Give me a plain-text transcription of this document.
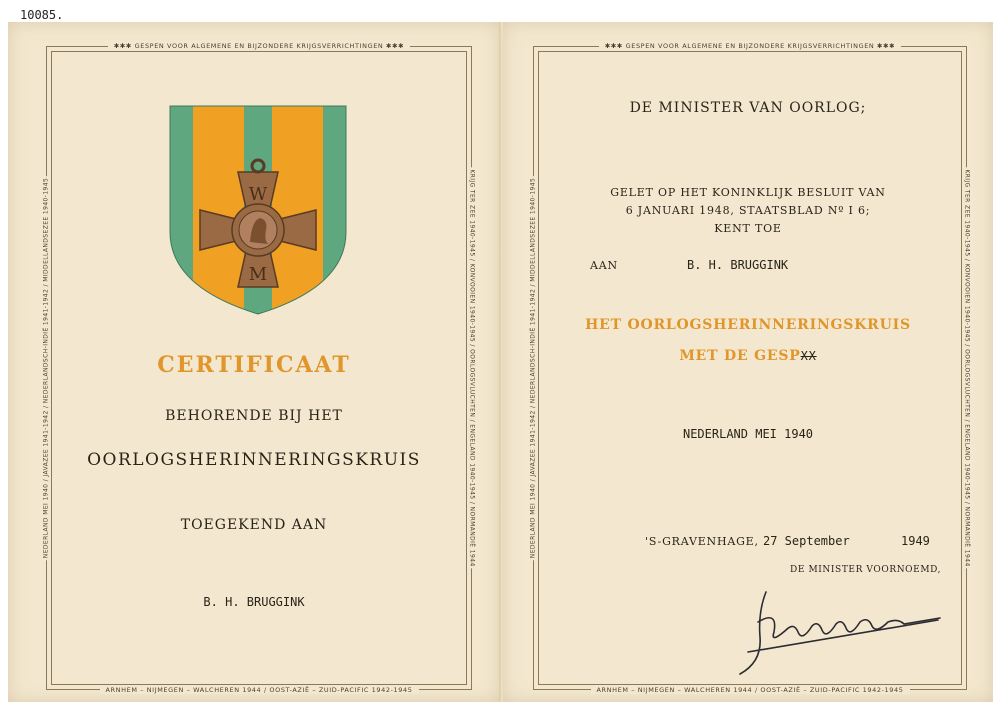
10085.
✱✱✱ GESPEN VOOR ALGEMENE EN BIJZONDERE KRIJGSVERRICHTINGEN ✱✱✱
ARNHEM – NIJMEGEN – WALCHEREN 1944 / OOST-AZIË – ZUID-PACIFIC 1942-1945
NEDERLAND MEI 1940 / JAVAZEE 1941-1942 / NEDERLANDSCH-INDIË 1941-1942 / MIDDELLANDSEZEE 1940-1945	KRIJG TER ZEE 1940-1945 / KONVOOIEN 1940-1945 / OORLOGSVLUCHTEN / ENGELAND 1940-1945 / NORMANDIË 1944
W
M
CERTIFICAAT
BEHORENDE BIJ HET
OORLOGSHERINNERINGSKRUIS
TOEGEKEND AAN
B. H. BRUGGINK
✱✱✱ GESPEN VOOR ALGEMENE EN BIJZONDERE KRIJGSVERRICHTINGEN ✱✱✱
ARNHEM – NIJMEGEN – WALCHEREN 1944 / OOST-AZIË – ZUID-PACIFIC 1942-1945
NEDERLAND MEI 1940 / JAVAZEE 1941-1942 / NEDERLANDSCH-INDIË 1941-1942 / MIDDELLANDSEZEE 1940-1945	KRIJG TER ZEE 1940-1945 / KONVOOIEN 1940-1945 / OORLOGSVLUCHTEN / ENGELAND 1940-1945 / NORMANDIË 1944
DE MINISTER VAN OORLOG;
GELET OP HET KONINKLIJK BESLUIT VAN
6 JANUARI 1948, STAATSBLAD Nº I 6;
KENT TOE
AAN	B. H. BRUGGINK
HET OORLOGSHERINNERINGSKRUIS
MET DE GESPXX
NEDERLAND MEI 1940
'S-GRAVENHAGE, 27 September	1949
DE MINISTER VOORNOEMD,
